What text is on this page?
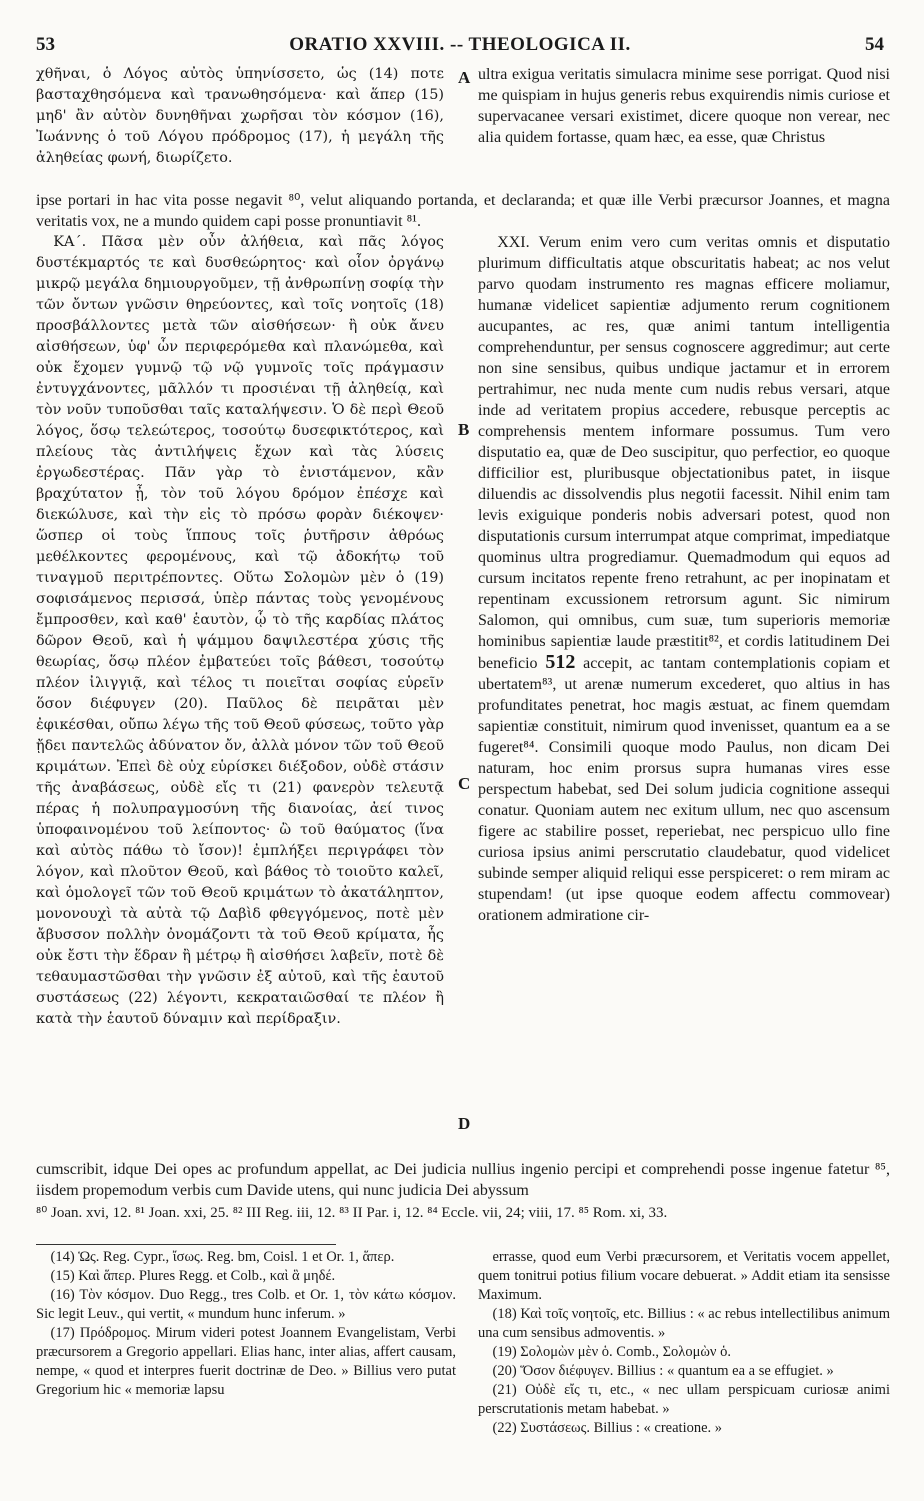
53	ORATIO XXVIII. -- THEOLOGICA II.	54

χθῆναι, ὁ Λόγος αὐτὸς ὑπηνίσσετο, ὡς (14) ποτε βασταχθησόμενα καὶ τρανωθησόμενα· καὶ ἅπερ (15) μηδ' ἂν αὐτὸν δυνηθῆναι χωρῆσαι τὸν κόσμον (16), Ἰωάννης ὁ τοῦ Λόγου πρόδρομος (17), ἡ μεγάλη τῆς ἀληθείας φωνή, διωρίζετο.

ultra exigua veritatis simulacra minime sese porrigat. Quod nisi me quispiam in hujus generis rebus exquirendis nimis curiose et supervacanee versari existimet, dicere quoque non verear, nec alia quidem fortasse, quam hæc, ea esse, quæ Christus

A
ipse portari in hac vita posse negavit ⁸⁰, velut aliquando portanda, et declaranda; et quæ ille Verbi præcursor Joannes, et magna veritatis vox, ne a mundo quidem capi posse pronuntiavit ⁸¹.

ΚΑ΄. Πᾶσα μὲν οὖν ἀλήθεια, καὶ πᾶς λόγος δυστέκμαρτός τε καὶ δυσθεώρητος· καὶ οἷον ὀργάνῳ μικρῷ μεγάλα δημιουργοῦμεν, τῇ ἀνθρωπίνῃ σοφίᾳ τὴν τῶν ὄντων γνῶσιν θηρεύοντες, καὶ τοῖς νοητοῖς (18) προσβάλλοντες μετὰ τῶν αἰσθήσεων· ἢ οὐκ ἄνευ αἰσθήσεων, ὑφ' ὧν περιφερόμεθα καὶ πλανώμεθα, καὶ οὐκ ἔχομεν γυμνῷ τῷ νῷ γυμνοῖς τοῖς πράγμασιν ἐντυγχάνοντες, μᾶλλόν τι προσιέναι τῇ ἀληθείᾳ, καὶ τὸν νοῦν τυποῦσθαι ταῖς καταλήψεσιν. Ὁ δὲ περὶ Θεοῦ λόγος, ὅσῳ τελεώτερος, τοσούτῳ δυσεφικτότερος, καὶ πλείους τὰς ἀντιλήψεις ἔχων καὶ τὰς λύσεις ἐργωδεστέρας. Πᾶν γὰρ τὸ ἐνιστάμενον, κἂν βραχύτατον ᾖ, τὸν τοῦ λόγου δρόμον ἐπέσχε καὶ διεκώλυσε, καὶ τὴν εἰς τὸ πρόσω φορὰν διέκοψεν· ὥσπερ οἱ τοὺς ἵππους τοῖς ῥυτῆρσιν ἀθρόως μεθέλκοντες φερομένους, καὶ τῷ ἀδοκήτῳ τοῦ τιναγμοῦ περιτρέποντες. Οὕτω Σολομὼν μὲν ὁ (19) σοφισάμενος περισσά, ὑπὲρ πάντας τοὺς γενομένους ἔμπροσθεν, καὶ καθ' ἑαυτὸν, ᾧ τὸ τῆς καρδίας πλάτος δῶρον Θεοῦ, καὶ ἡ ψάμμου δαψιλεστέρα χύσις τῆς θεωρίας, ὅσῳ πλέον ἐμβατεύει τοῖς βάθεσι, τοσούτῳ πλέον ἰλιγγιᾷ, καὶ τέλος τι ποιεῖται σοφίας εὑρεῖν ὅσον διέφυγεν (20). Παῦλος δὲ πειρᾶται μὲν ἐφικέσθαι, οὔπω λέγω τῆς τοῦ Θεοῦ φύσεως, τοῦτο γὰρ ᾔδει παντελῶς ἀδύνατον ὄν, ἀλλὰ μόνον τῶν τοῦ Θεοῦ κριμάτων. Ἐπεὶ δὲ οὐχ εὑρίσκει διέξοδον, οὐδὲ στάσιν τῆς ἀναβάσεως, οὐδὲ εἴς τι (21) φανερὸν τελευτᾷ πέρας ἡ πολυπραγμοσύνη τῆς διανοίας, ἀεί τινος ὑποφαινομένου τοῦ λείποντος· ὢ τοῦ θαύματος (ἵνα καὶ αὐτὸς πάθω τὸ ἴσον)! ἐμπλήξει περιγράφει τὸν λόγον, καὶ πλοῦτον Θεοῦ, καὶ βάθος τὸ τοιοῦτο καλεῖ, καὶ ὁμολογεῖ τῶν τοῦ Θεοῦ κριμάτων τὸ ἀκατάληπτον, μονονουχὶ τὰ αὐτὰ τῷ Δαβὶδ φθεγγόμενος, ποτὲ μὲν ἄβυσσον πολλὴν ὀνομάζοντι τὰ τοῦ Θεοῦ κρίματα, ἧς οὐκ ἔστι τὴν ἕδραν ἢ μέτρῳ ἢ αἰσθήσει λαβεῖν, ποτὲ δὲ τεθαυμαστῶσθαι τὴν γνῶσιν ἐξ αὐτοῦ, καὶ τῆς ἑαυτοῦ συστάσεως (22) λέγοντι, κεκραταιῶσθαί τε πλέον ἢ κατὰ τὴν ἑαυτοῦ δύναμιν καὶ περίδραξιν.

XXI. Verum enim vero cum veritas omnis et disputatio plurimum difficultatis atque obscuritatis habeat; ac nos velut parvo quodam instrumento res magnas efficere moliamur, humanæ videlicet sapientiæ adjumento rerum cognitionem aucupantes, ac res, quæ animi tantum intelligentia comprehenduntur, per sensus cognoscere aggredimur; aut certe non sine sensibus, quibus undique jactamur et in errorem pertrahimur, nec nuda mente cum nudis rebus versari, atque inde ad veritatem propius accedere, rebusque perceptis ac comprehensis mentem informare possumus. Tum vero disputatio ea, quæ de Deo suscipitur, quo perfectior, eo quoque difficilior est, pluribusque objectationibus patet, in iisque diluendis ac dissolvendis plus negotii facessit. Nihil enim tam levis exiguique ponderis nobis adversari potest, quod non disputationis cursum interrumpat atque comprimat, impediatque quominus ultra progrediamur. Quemadmodum qui equos ad cursum incitatos repente freno retrahunt, ac per inopinatam et repentinam excussionem retrorsum agunt. Sic nimirum Salomon, qui omnibus, cum suæ, tum superioris memoriæ hominibus sapientiæ laude præstitit⁸², et cordis latitudinem Dei beneficio 512 accepit, ac tantam contemplationis copiam et ubertatem⁸³, ut arenæ numerum excederet, quo altius in has profunditates penetrat, hoc magis æstuat, ac finem quemdam sapientiæ constituit, nimirum quod invenisset, quantum ea a se fugeret⁸⁴. Consimili quoque modo Paulus, non dicam Dei naturam, hoc enim prorsus supra humanas vires esse perspectum habebat, sed Dei solum judicia cognitione assequi conatur. Quoniam autem nec exitum ullum, nec quo ascensum figere ac stabilire posset, reperiebat, nec perspicuo ullo fine curiosa ipsius animi perscrutatio claudebatur, quod videlicet subinde semper aliquid reliqui esse perspiceret: o rem miram ac stupendam! (ut ipse quoque eodem affectu commovear) orationem admiratione cir-

B
C
D
cumscribit, idque Dei opes ac profundum appellat, ac Dei judicia nullius ingenio percipi et comprehendi posse ingenue fatetur ⁸⁵, iisdem propemodum verbis cum Davide utens, qui nunc judicia Dei abyssum
⁸⁰ Joan. xvi, 12. ⁸¹ Joan. xxi, 25. ⁸² III Reg. iii, 12. ⁸³ II Par. i, 12. ⁸⁴ Eccle. vii, 24; viii, 17. ⁸⁵ Rom. xi, 33.

(14) Ὡς. Reg. Cypr., ἴσως. Reg. bm, Coisl. 1 et Or. 1, ἅπερ.

(15) Καὶ ἅπερ. Plures Regg. et Colb., καὶ ἃ μηδέ.

(16) Τὸν κόσμον. Duo Regg., tres Colb. et Or. 1, τὸν κάτω κόσμον. Sic legit Leuv., qui vertit, « mundum hunc inferum. »

(17) Πρόδρομος. Mirum videri potest Joannem Evangelistam, Verbi præcursorem a Gregorio appellari. Elias hanc, inter alias, affert causam, nempe, « quod et interpres fuerit doctrinæ de Deo. » Billius vero putat Gregorium hic « memoriæ lapsu

errasse, quod eum Verbi præcursorem, et Veritatis vocem appellet, quem tonitrui potius filium vocare debuerat. » Addit etiam ita sensisse Maximum.

(18) Καὶ τοῖς νοητοῖς, etc. Billius : « ac rebus intellectilibus animum una cum sensibus admoventis. »

(19) Σολομὼν μὲν ὁ. Comb., Σολομὼν ὁ.

(20) Ὅσον διέφυγεν. Billius : « quantum ea a se effugiet. »

(21) Οὐδὲ εἴς τι, etc., « nec ullam perspicuam curiosæ animi perscrutationis metam habebat. »

(22) Συστάσεως. Billius : « creatione. »
